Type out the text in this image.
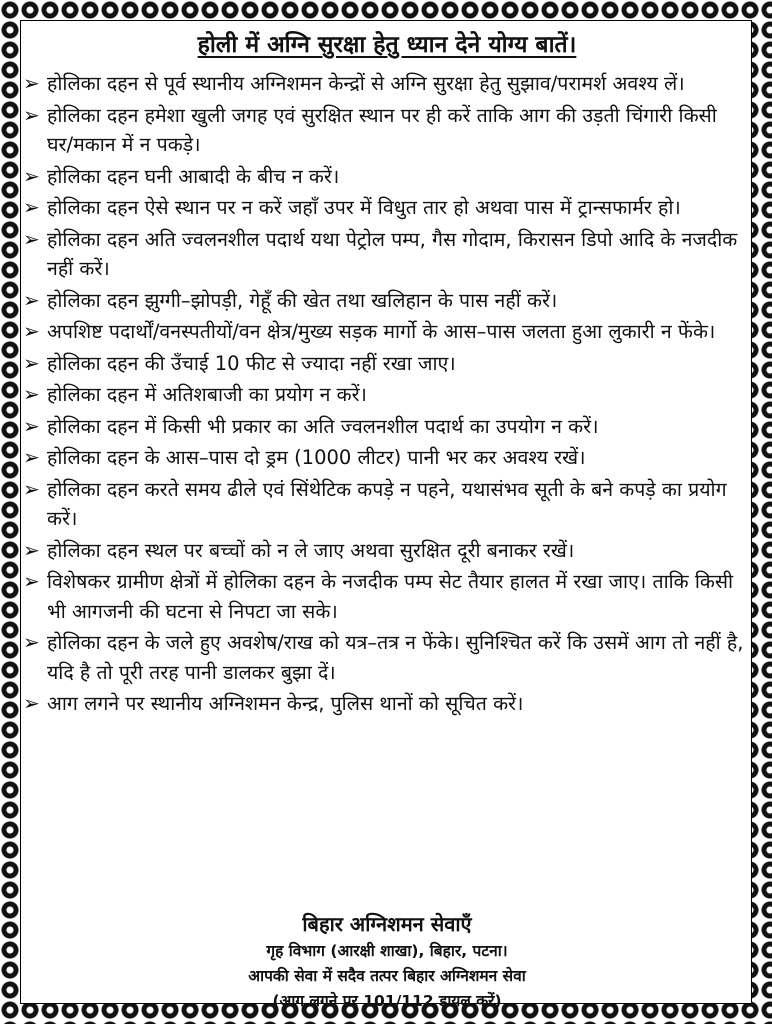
होली में अग्नि सुरक्षा हेतु ध्यान देने योग्य बातें।
➢ होलिका दहन से पूर्व स्थानीय अग्निशमन केन्द्रों से अग्नि सुरक्षा हेतु सुझाव/परामर्श अवश्य लें।
➢ होलिका दहन हमेशा खुली जगह एवं सुरक्षित स्थान पर ही करें ताकि आग की उड़ती चिंगारी किसी घर/मकान में न पकड़े।
➢ होलिका दहन घनी आबादी के बीच न करें।
➢ होलिका दहन ऐसे स्थान पर न करें जहाँ उपर में विधुत तार हो अथवा पास में ट्रान्सफार्मर हो।
➢ होलिका दहन अति ज्वलनशील पदार्थ यथा पेट्रोल पम्प, गैस गोदाम, किरासन डिपो आदि के नजदीक नहीं करें।
➢ होलिका दहन झुग्गी–झोपड़ी, गेहूँ की खेत तथा खलिहान के पास नहीं करें।
➢ अपशिष्ट पदार्थों/वनस्पतीयों/वन क्षेत्र/मुख्य सड़क मार्गो के आस–पास जलता हुआ लुकारी न फेंके।
➢ होलिका दहन की उँचाई 10 फीट से ज्यादा नहीं रखा जाए।
➢ होलिका दहन में अतिशबाजी का प्रयोग न करें।
➢ होलिका दहन में किसी भी प्रकार का अति ज्वलनशील पदार्थ का उपयोग न करें।
➢ होलिका दहन के आस–पास दो ड्रम (1000 लीटर) पानी भर कर अवश्य रखें।
➢ होलिका दहन करते समय ढीले एवं सिंथेटिक कपड़े न पहने, यथासंभव सूती के बने कपड़े का प्रयोग करें।
➢ होलिका दहन स्थल पर बच्चों को न ले जाए अथवा सुरक्षित दूरी बनाकर रखें।
➢ विशेषकर ग्रामीण क्षेत्रों में होलिका दहन के नजदीक पम्प सेट तैयार हालत में रखा जाए। ताकि किसी भी आगजनी की घटना से निपटा जा सके।
➢ होलिका दहन के जले हुए अवशेष/राख को यत्र–तत्र न फेंके। सुनिश्चित करें कि उसमें आग तो नहीं है, यदि है तो पूरी तरह पानी डालकर बुझा दें।
➢ आग लगने पर स्थानीय अग्निशमन केन्द्र, पुलिस थानों को सूचित करें।
बिहार अग्निशमन सेवाएँ
गृह विभाग (आरक्षी शाखा), बिहार, पटना।
आपकी सेवा में सदैव तत्पर बिहार अग्निशमन सेवा
(आग लगने पर 101/112 डायल करें)
